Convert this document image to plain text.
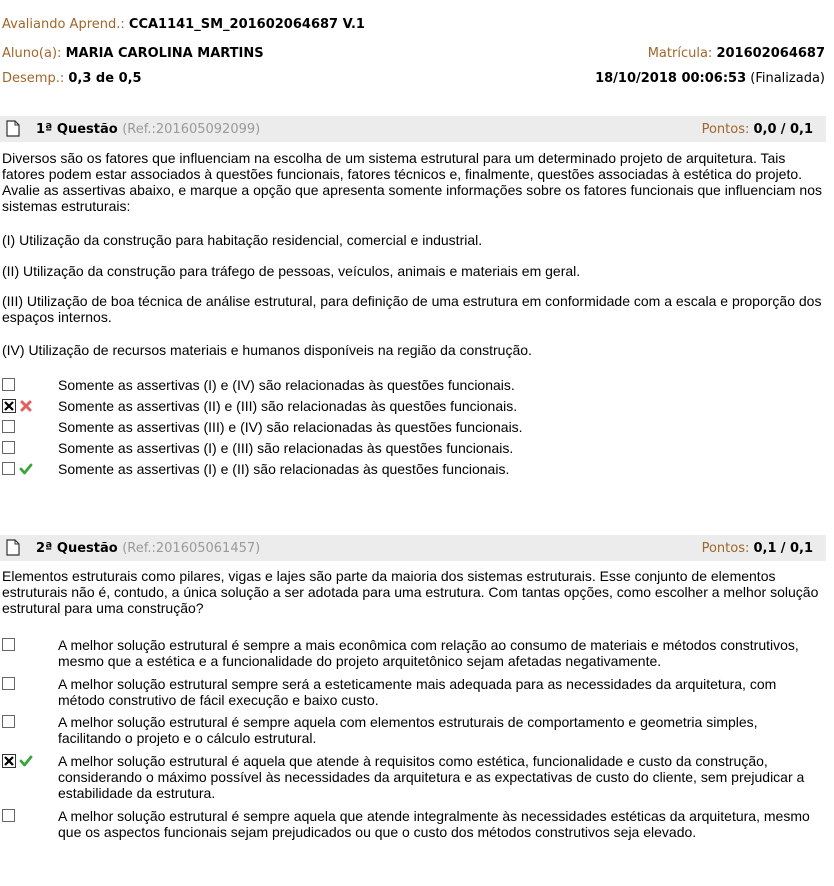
Avaliando Aprend.: CCA1141_SM_201602064687 V.1
Aluno(a): MARIA CAROLINA MARTINS	Matrícula: 201602064687
Desemp.: 0,3 de 0,5	18/10/2018 00:06:53 (Finalizada)
1ª Questão (Ref.:201605092099)	Pontos: 0,0 / 0,1
Diversos são os fatores que influenciam na escolha de um sistema estrutural para um determinado projeto de arquitetura. Tais fatores podem estar associados à questões funcionais, fatores técnicos e, finalmente, questões associadas à estética do projeto. Avalie as assertivas abaixo, e marque a opção que apresenta somente informações sobre os fatores funcionais que influenciam nos sistemas estruturais:
(I) Utilização da construção para habitação residencial, comercial e industrial.
(II) Utilização da construção para tráfego de pessoas, veículos, animais e materiais em geral.
(III) Utilização de boa técnica de análise estrutural, para definição de uma estrutura em conformidade com a escala e proporção dos espaços internos.
(IV) Utilização de recursos materiais e humanos disponíveis na região da construção.
Somente as assertivas (I) e (IV) são relacionadas às questões funcionais.
Somente as assertivas (II) e (III) são relacionadas às questões funcionais.
Somente as assertivas (III) e (IV) são relacionadas às questões funcionais.
Somente as assertivas (I) e (III) são relacionadas às questões funcionais.
Somente as assertivas (I) e (II) são relacionadas às questões funcionais.
2ª Questão (Ref.:201605061457)	Pontos: 0,1 / 0,1
Elementos estruturais como pilares, vigas e lajes são parte da maioria dos sistemas estruturais. Esse conjunto de elementos estruturais não é, contudo, a única solução a ser adotada para uma estrutura. Com tantas opções, como escolher a melhor solução estrutural para uma construção?
A melhor solução estrutural é sempre a mais econômica com relação ao consumo de materiais e métodos construtivos, mesmo que a estética e a funcionalidade do projeto arquitetônico sejam afetadas negativamente.
A melhor solução estrutural sempre será a esteticamente mais adequada para as necessidades da arquitetura, com método construtivo de fácil execução e baixo custo.
A melhor solução estrutural é sempre aquela com elementos estruturais de comportamento e geometria simples, facilitando o projeto e o cálculo estrutural.
A melhor solução estrutural é aquela que atende à requisitos como estética, funcionalidade e custo da construção, considerando o máximo possível às necessidades da arquitetura e as expectativas de custo do cliente, sem prejudicar a estabilidade da estrutura.
A melhor solução estrutural é sempre aquela que atende integralmente às necessidades estéticas da arquitetura, mesmo que os aspectos funcionais sejam prejudicados ou que o custo dos métodos construtivos seja elevado.
